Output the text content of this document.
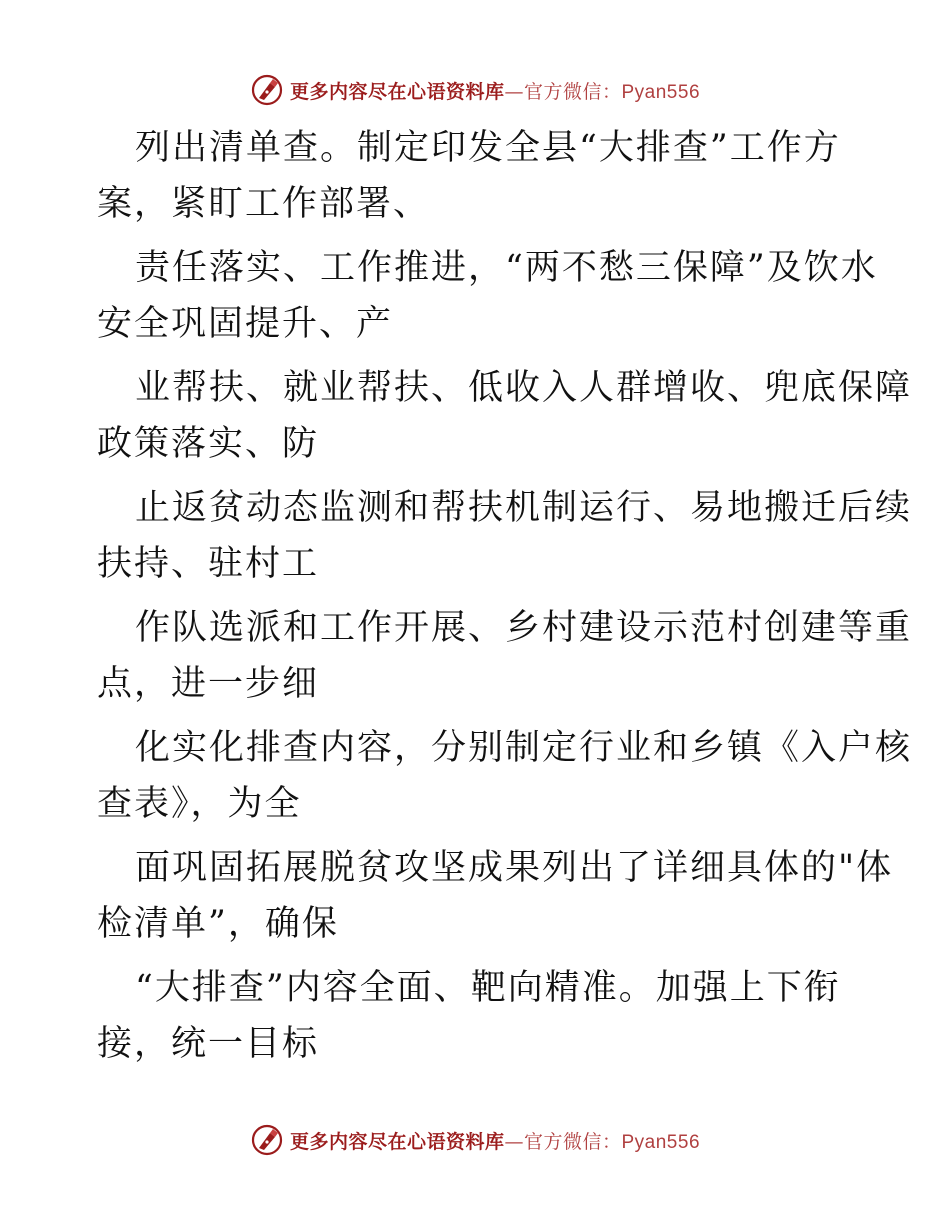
更多内容尽在心语资料库—官方微信：Pyan556
列出清单查。制定印发全县“大排查”工作方
案，紧盯工作部署、
责任落实、工作推进，“两不愁三保障”及饮水
安全巩固提升、产
业帮扶、就业帮扶、低收入人群增收、兜底保障
政策落实、防
止返贫动态监测和帮扶机制运行、易地搬迁后续
扶持、驻村工
作队选派和工作开展、乡村建设示范村创建等重
点，进一步细
化实化排查内容，分别制定行业和乡镇《入户核
查表》，为全
面巩固拓展脱贫攻坚成果列出了详细具体的"体
检清单”，确保
“大排查”内容全面、靶向精准。加强上下衔
接，统一目标
更多内容尽在心语资料库—官方微信：Pyan556
